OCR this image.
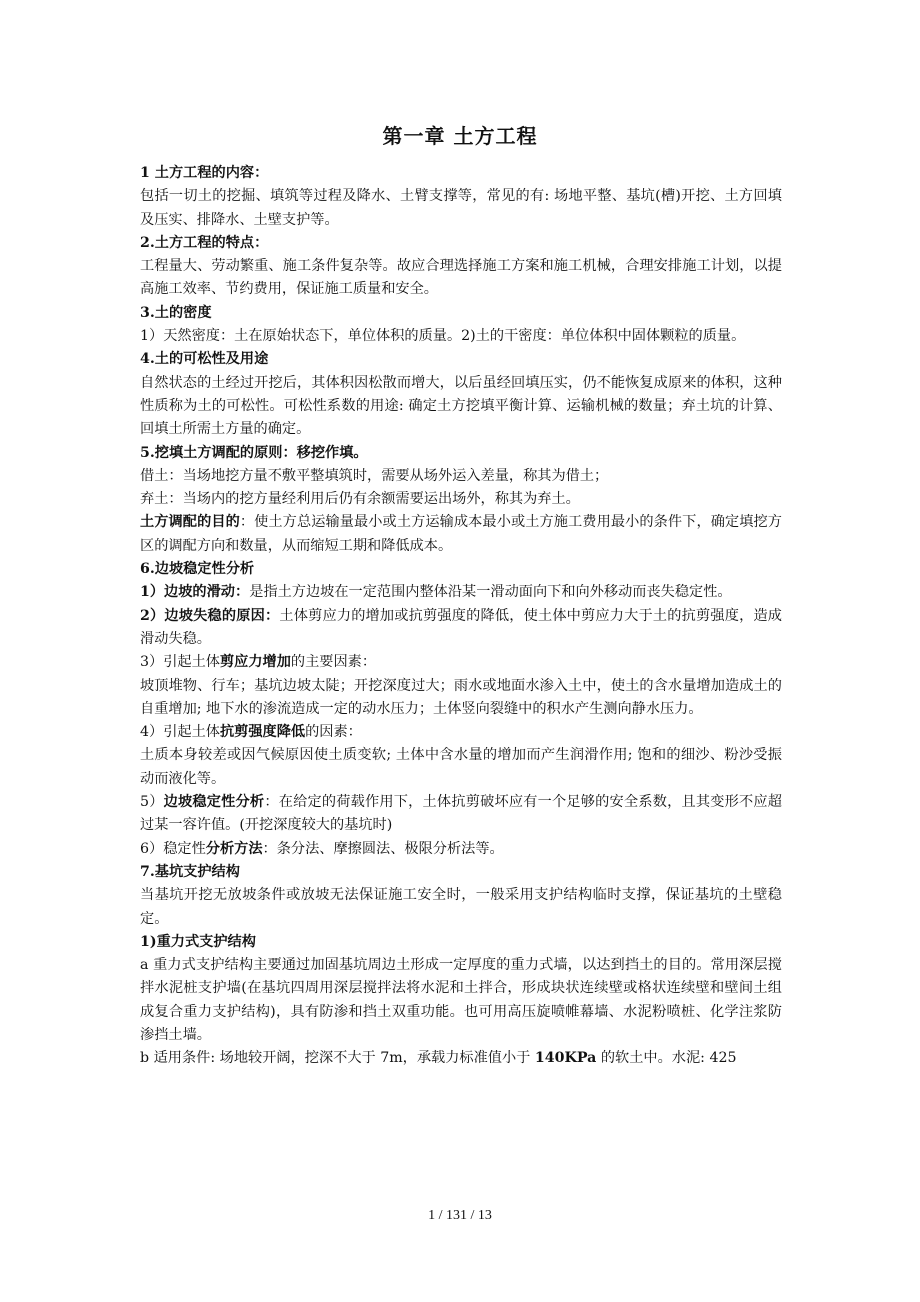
第一章 土方工程

1 土方工程的内容：

包括一切土的挖掘、填筑等过程及降水、土臂支撑等，常见的有: 场地平整、基坑(槽)开挖、土方回填及压实、排降水、土壁支护等。

2.土方工程的特点：

工程量大、劳动繁重、施工条件复杂等。故应合理选择施工方案和施工机械，合理安排施工计划，以提高施工效率、节约费用，保证施工质量和安全。

3.土的密度

1）天然密度：土在原始状态下，单位体积的质量。2)土的干密度：单位体积中固体颗粒的质量。

4.土的可松性及用途

自然状态的土经过开挖后，其体积因松散而增大，以后虽经回填压实，仍不能恢复成原来的体积，这种性质称为土的可松性。可松性系数的用途: 确定土方挖填平衡计算、运输机械的数量；弃土坑的计算、回填土所需土方量的确定。

5.挖填土方调配的原则：移挖作填。

借土：当场地挖方量不敷平整填筑时，需要从场外运入差量，称其为借土；

弃土：当场内的挖方量经利用后仍有余额需要运出场外，称其为弃土。

土方调配的目的：使土方总运输量最小或土方运输成本最小或土方施工费用最小的条件下，确定填挖方区的调配方向和数量，从而缩短工期和降低成本。

6.边坡稳定性分析

1）边坡的滑动：是指土方边坡在一定范围内整体沿某一滑动面向下和向外移动而丧失稳定性。

2）边坡失稳的原因：土体剪应力的增加或抗剪强度的降低，使土体中剪应力大于土的抗剪强度，造成滑动失稳。

3）引起土体剪应力增加的主要因素：

坡顶堆物、行车；基坑边坡太陡；开挖深度过大；雨水或地面水渗入土中，使土的含水量增加造成土的自重增加; 地下水的渗流造成一定的动水压力；土体竖向裂缝中的积水产生测向静水压力。

4）引起土体抗剪强度降低的因素：

土质本身较差或因气候原因使土质变软; 土体中含水量的增加而产生润滑作用; 饱和的细沙、粉沙受振动而液化等。

5）边坡稳定性分析：在给定的荷载作用下，土体抗剪破坏应有一个足够的安全系数，且其变形不应超过某一容许值。(开挖深度较大的基坑时)

6）稳定性分析方法：条分法、摩擦圆法、极限分析法等。

7.基坑支护结构

当基坑开挖无放坡条件或放坡无法保证施工安全时，一般采用支护结构临时支撑，保证基坑的土壁稳定。

1)重力式支护结构

a 重力式支护结构主要通过加固基坑周边土形成一定厚度的重力式墙，以达到挡土的目的。常用深层搅拌水泥桩支护墙(在基坑四周用深层搅拌法将水泥和土拌合，形成块状连续壁或格状连续壁和壁间土组成复合重力支护结构)，具有防渗和挡土双重功能。也可用高压旋喷帷幕墙、水泥粉喷桩、化学注浆防渗挡土墙。

b 适用条件: 场地较开阔，挖深不大于 7m，承载力标准值小于 140KPa 的软土中。水泥: 425

1 / 131 / 13
